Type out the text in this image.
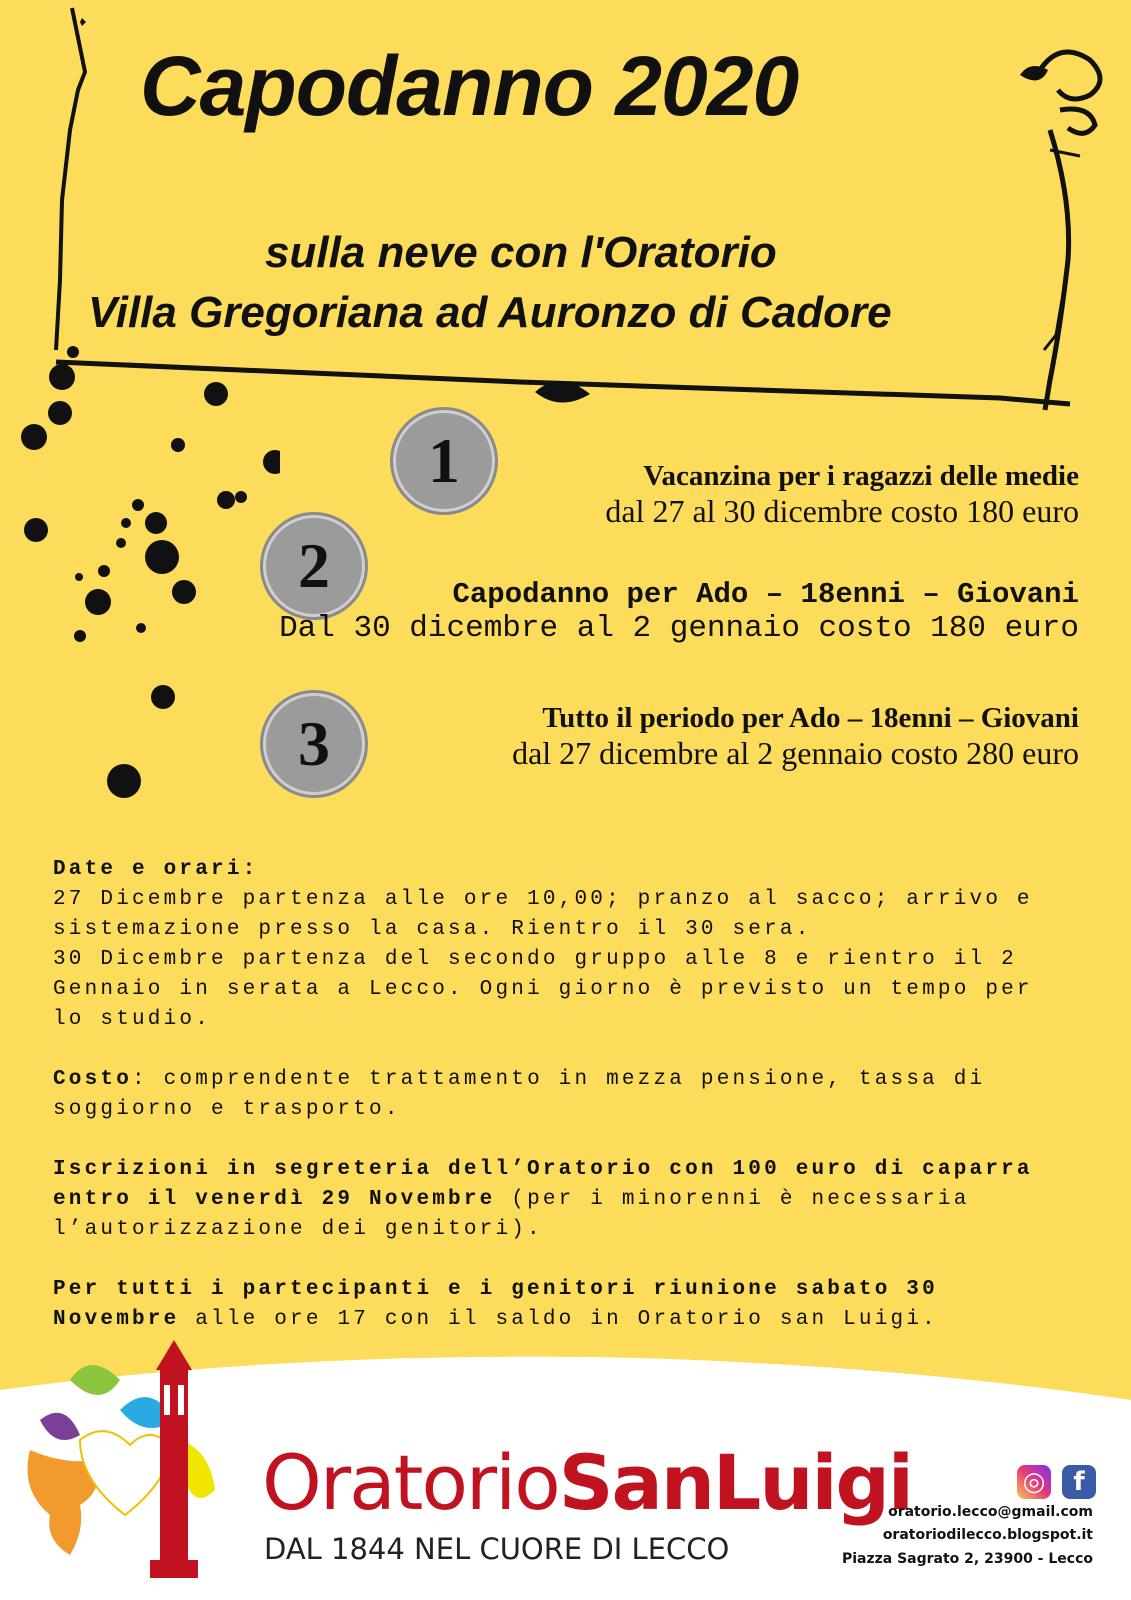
Capodanno 2020

sulla neve con l'Oratorio

Villa Gregoriana ad Auronzo di Cadore

1
2
3

Vacanzina per i ragazzi delle medie

dal 27 al 30 dicembre costo 180 euro

Capodanno per Ado – 18enni – Giovani

Dal 30 dicembre al 2 gennaio costo 180 euro

Tutto il periodo per Ado – 18enni – Giovani

dal 27 dicembre al 2 gennaio costo 280 euro

Date e orari:
27 Dicembre partenza alle ore 10,00; pranzo al sacco; arrivo e sistemazione presso la casa. Rientro il 30 sera.
30 Dicembre partenza del secondo gruppo alle 8 e rientro il 2 Gennaio in serata a Lecco. Ogni giorno è previsto un tempo per lo studio.

Costo: comprendente trattamento in mezza pensione, tassa di soggiorno e trasporto.

Iscrizioni in segreteria dell’Oratorio con 100 euro di caparra entro il venerdì 29 Novembre (per i minorenni è necessaria l’autorizzazione dei genitori).

Per tutti i partecipanti e i genitori riunione sabato 30 Novembre alle ore 17 con il saldo in Oratorio san Luigi.

OratorioSanLuigi
DAL 1844 NEL CUORE DI LECCO
◎	f
oratorio.lecco@gmail.com
oratoriodilecco.blogspot.it
Piazza Sagrato 2, 23900 - Lecco
